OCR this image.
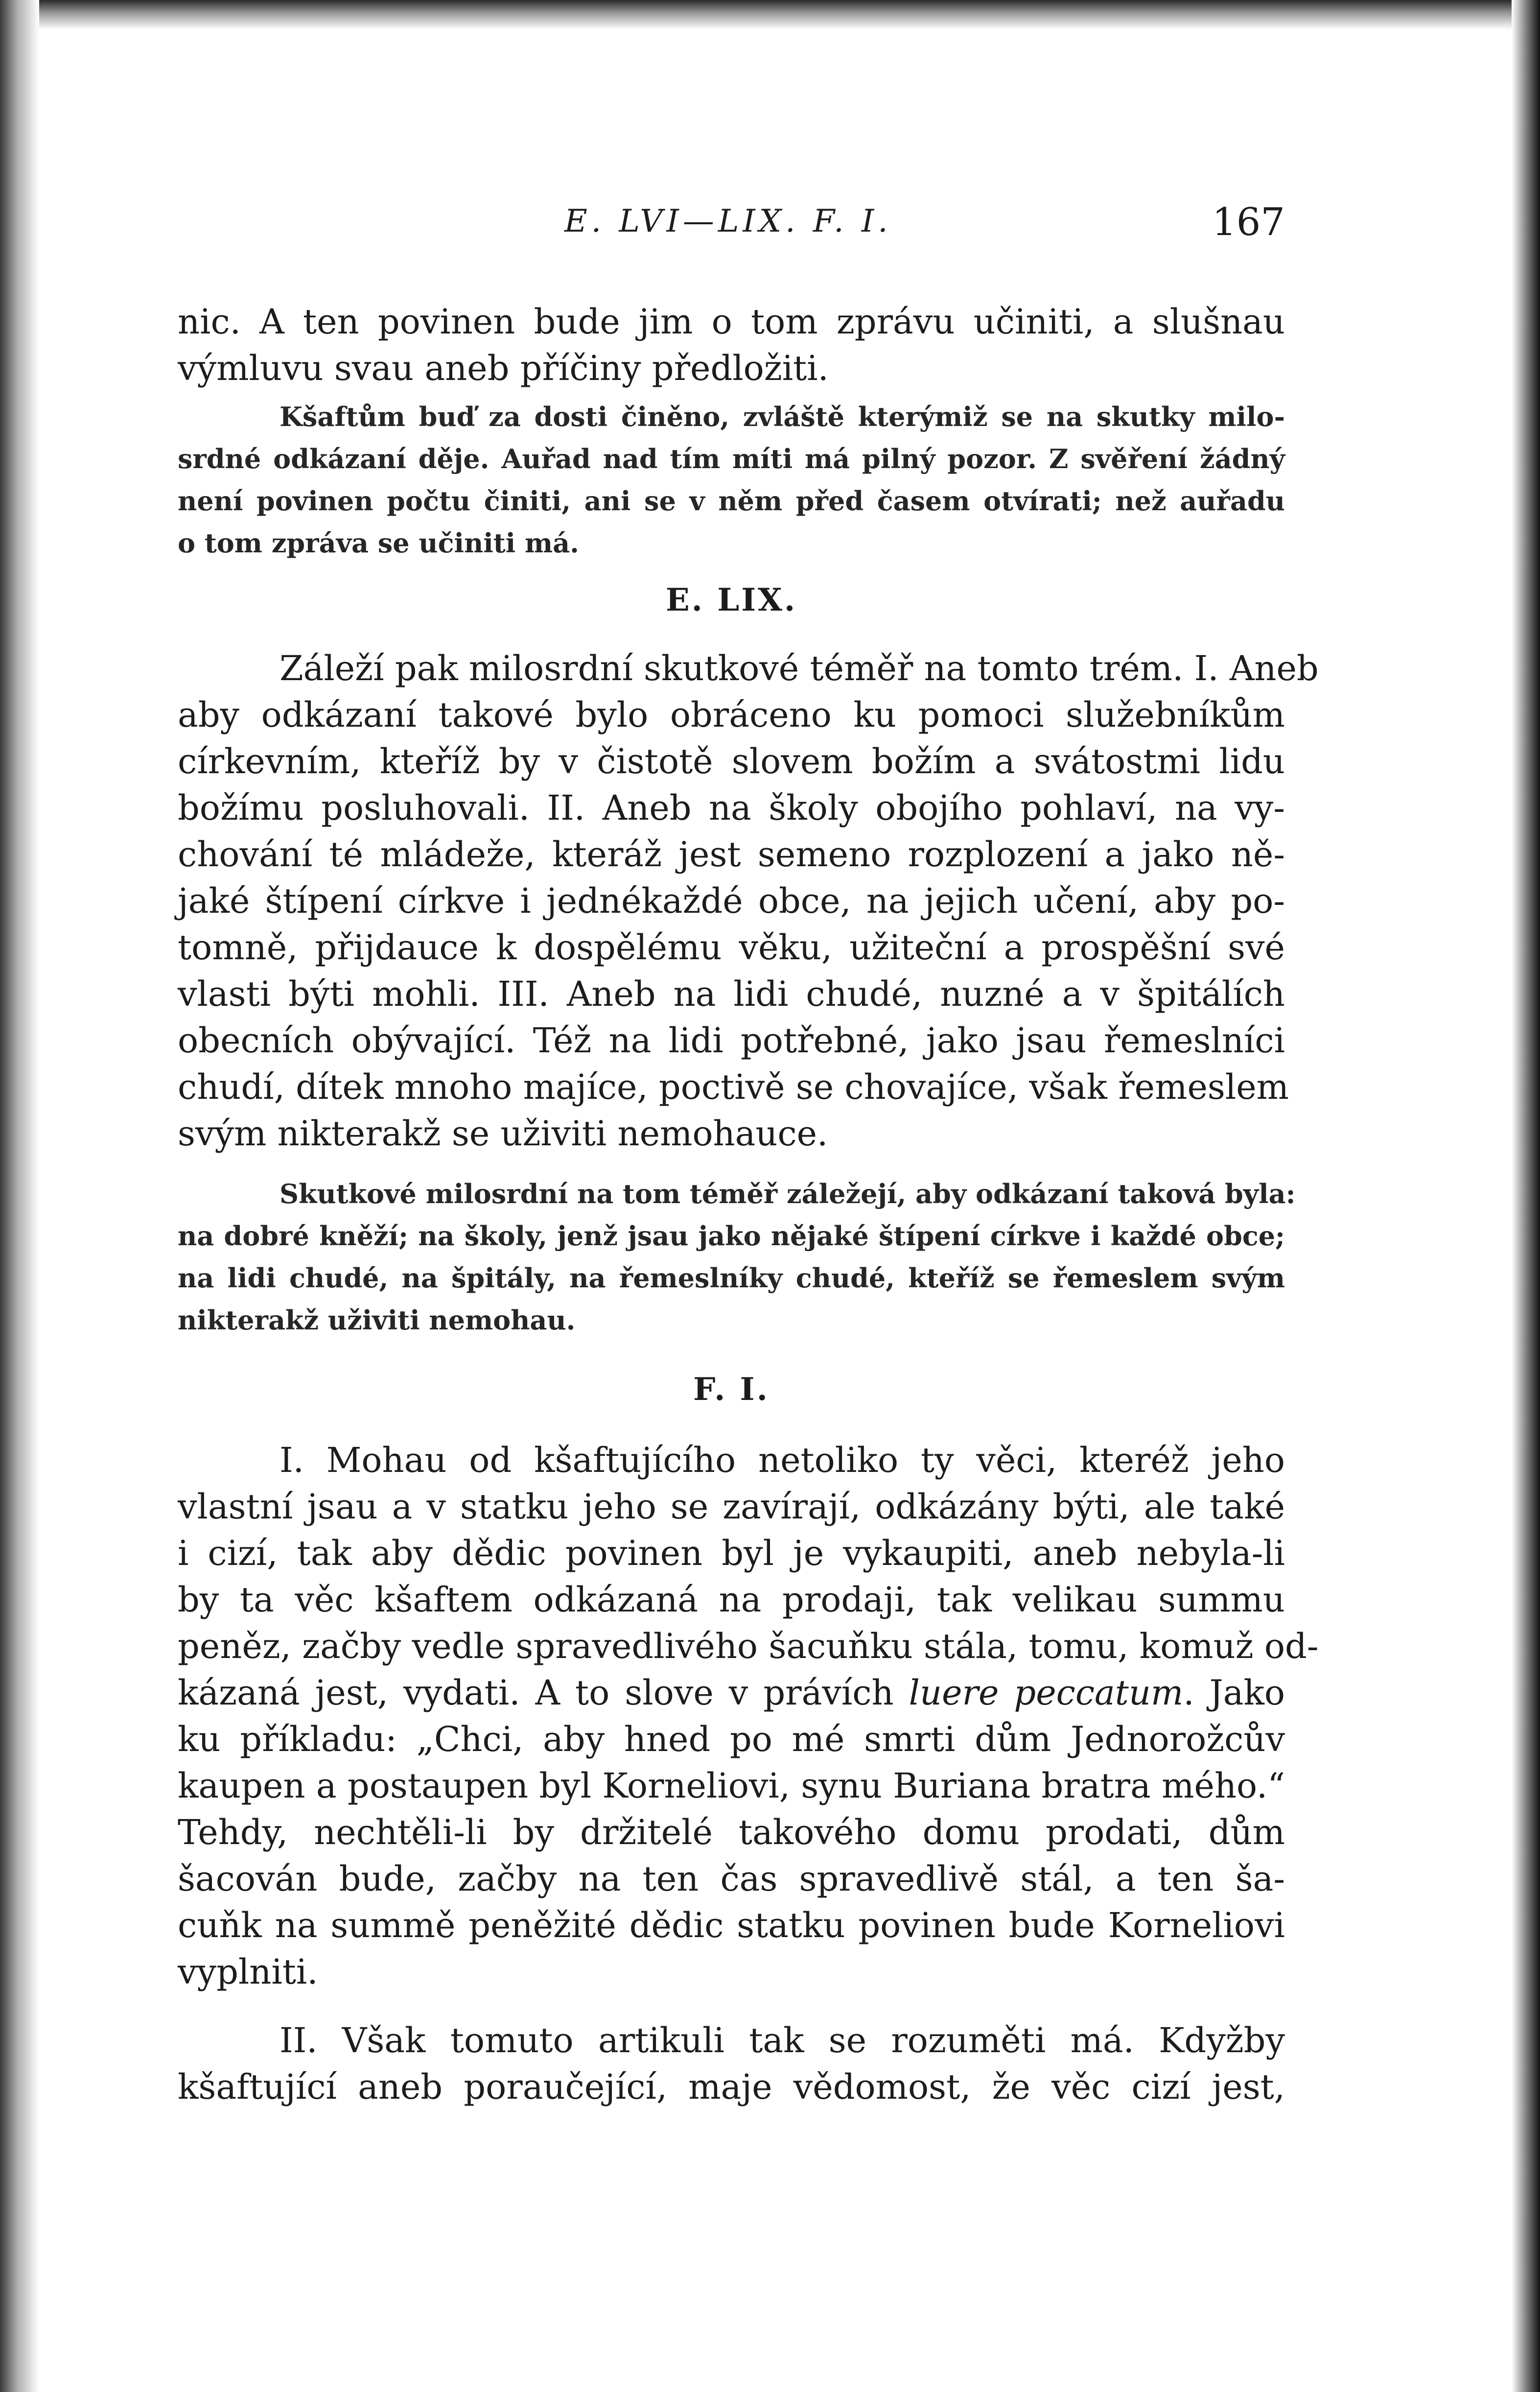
E. LVI—LIX. F. I.	167

nic. A ten povinen bude jim o tom zprávu učiniti, a slušnau
výmluvu svau aneb příčiny předložiti.

Kšaftům buď za dosti činěno, zvláště kterýmiž se na skutky milo-
srdné odkázaní děje. Auřad nad tím míti má pilný pozor. Z svěření žádný
není povinen počtu činiti, ani se v něm před časem otvírati; než auřadu
o tom zpráva se učiniti má.

E. LIX.

Záleží pak milosrdní skutkové téměř na tomto trém. I. Aneb
aby odkázaní takové bylo obráceno ku pomoci služebníkům
církevním, kteříž by v čistotě slovem božím a svátostmi lidu
božímu posluhovali. II. Aneb na školy obojího pohlaví, na vy-
chování té mládeže, kteráž jest semeno rozplození a jako ně-
jaké štípení církve i jednékaždé obce, na jejich učení, aby po-
tomně, přijdauce k dospělému věku, užiteční a prospěšní své
vlasti býti mohli. III. Aneb na lidi chudé, nuzné a v špitálích
obecních obývající. Též na lidi potřebné, jako jsau řemeslníci
chudí, dítek mnoho majíce, poctivě se chovajíce, však řemeslem
svým nikterakž se uživiti nemohauce.

Skutkové milosrdní na tom téměř záležejí, aby odkázaní taková byla:
na dobré kněží; na školy, jenž jsau jako nějaké štípení církve i každé obce;
na lidi chudé, na špitály, na řemeslníky chudé, kteříž se řemeslem svým
nikterakž uživiti nemohau.

F. I.

I. Mohau od kšaftujícího netoliko ty věci, kteréž jeho
vlastní jsau a v statku jeho se zavírají, odkázány býti, ale také
i cizí, tak aby dědic povinen byl je vykaupiti, aneb nebyla-li
by ta věc kšaftem odkázaná na prodaji, tak velikau summu
peněz, začby vedle spravedlivého šacuňku stála, tomu, komuž od-
kázaná jest, vydati. A to slove v právích luere peccatum. Jako
ku příkladu: „Chci, aby hned po mé smrti dům Jednorožcův
kaupen a postaupen byl Korneliovi, synu Buriana bratra mého.“
Tehdy, nechtěli-li by držitelé takového domu prodati, dům
šacován bude, začby na ten čas spravedlivě stál, a ten ša-
cuňk na summě peněžité dědic statku povinen bude Korneliovi
vyplniti.

II. Však tomuto artikuli tak se rozuměti má. Kdyžby
kšaftující aneb poraučející, maje vědomost, že věc cizí jest,
